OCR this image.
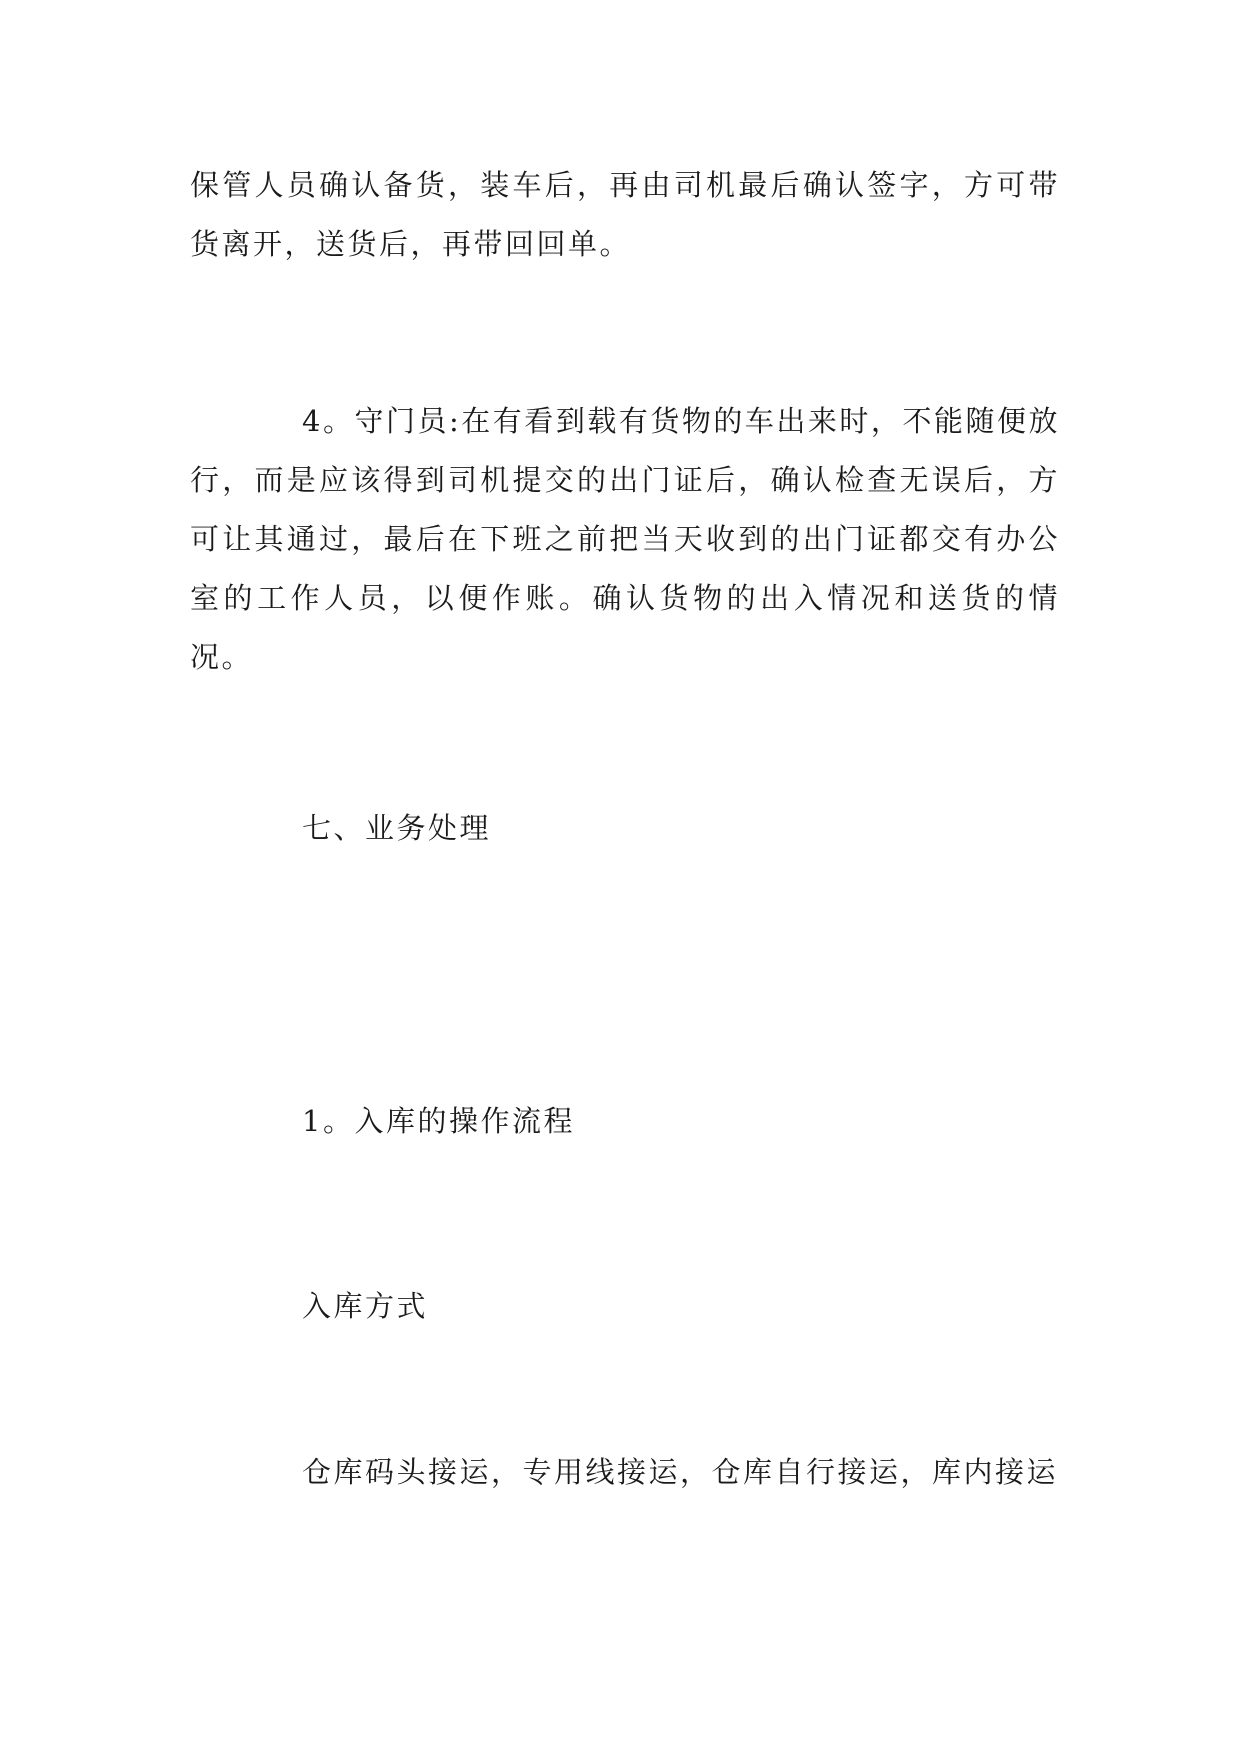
保管人员确认备货，装车后，再由司机最后确认签字，方可带货离开，送货后，再带回回单。

4。守门员:在有看到载有货物的车出来时，不能随便放行，而是应该得到司机提交的出门证后，确认检查无误后，方可让其通过，最后在下班之前把当天收到的出门证都交有办公室的工作人员，以便作账。确认货物的出入情况和送货的情况。

七、业务处理

1。入库的操作流程

入库方式

仓库码头接运，专用线接运，仓库自行接运，库内接运
